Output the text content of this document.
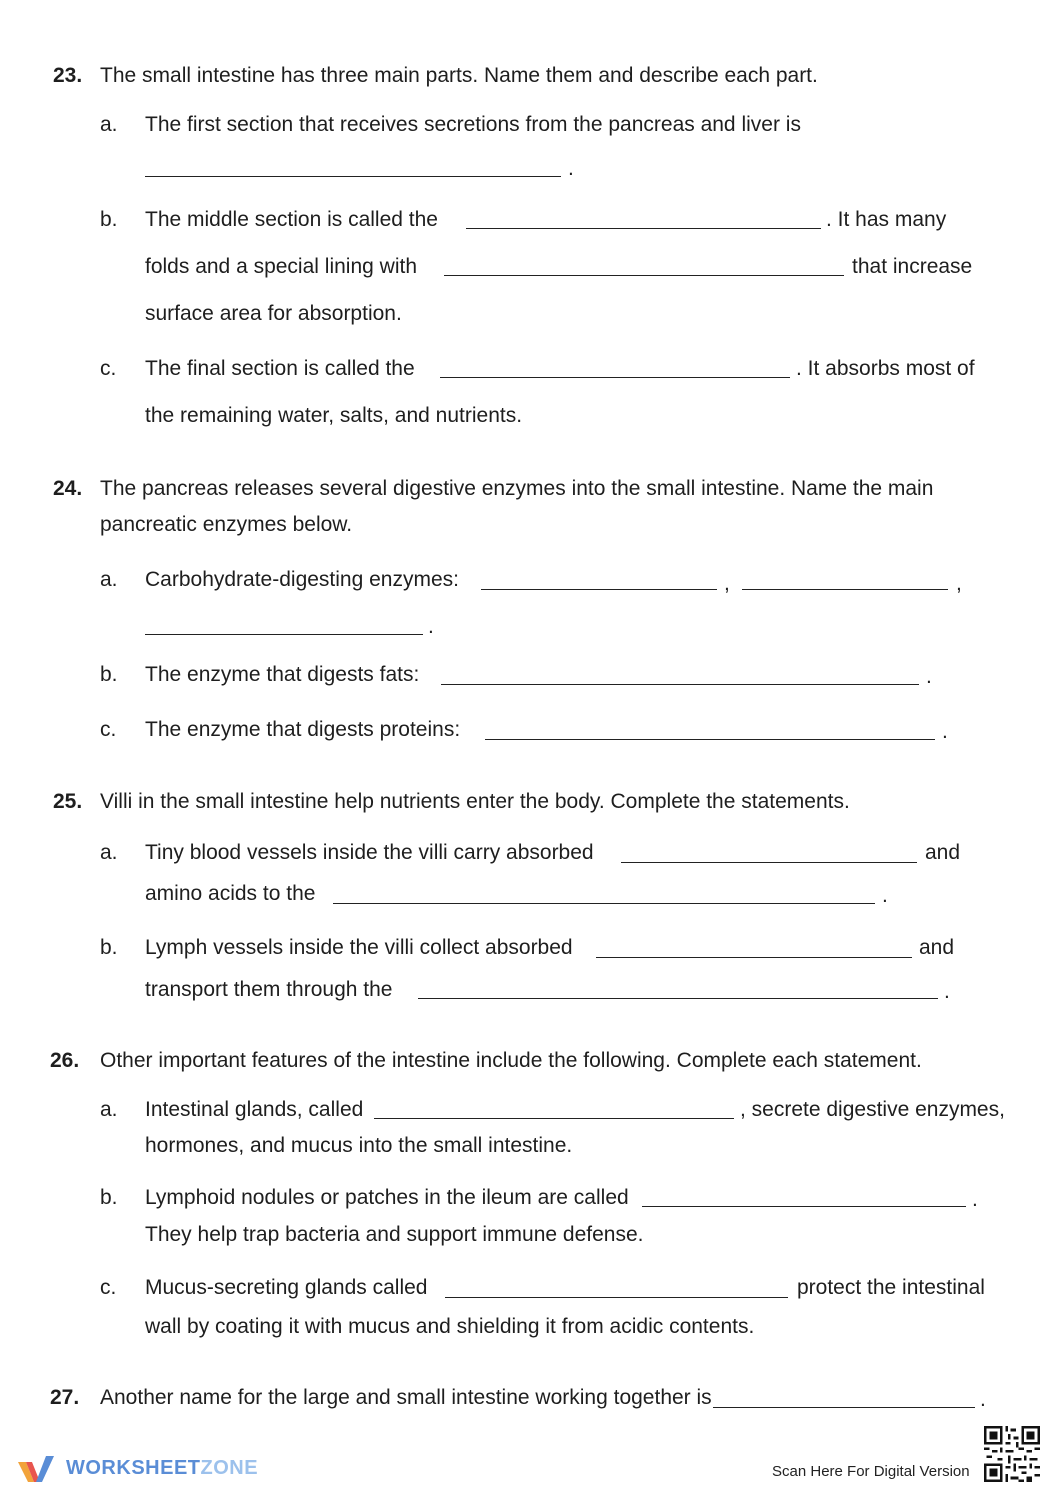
23. The small intestine has three main parts. Name them and describe each part.
a. The first section that receives secretions from the pancreas and liver is
.
b. The middle section is called the	. It has many
folds and a special lining with	that increase
surface area for absorption.
c. The final section is called the	. It absorbs most of
the remaining water, salts, and nutrients.
24. The pancreas releases several digestive enzymes into the small intestine. Name the main
pancreatic enzymes below.
a. Carbohydrate-digesting enzymes:	,	,
.
b. The enzyme that digests fats:	.
c. The enzyme that digests proteins:	.
25. Villi in the small intestine help nutrients enter the body. Complete the statements.
a. Tiny blood vessels inside the villi carry absorbed	and
amino acids to the	.
b. Lymph vessels inside the villi collect absorbed	and
transport them through the	.
26. Other important features of the intestine include the following. Complete each statement.
a. Intestinal glands, called	, secrete digestive enzymes,
hormones, and mucus into the small intestine.
b. Lymphoid nodules or patches in the ileum are called	.
They help trap bacteria and support immune defense.
c. Mucus-secreting glands called	protect the intestinal
wall by coating it with mucus and shielding it from acidic contents.
27. Another name for the large and small intestine working together is	.
WORKSHEETZONE	Scan Here For Digital Version
